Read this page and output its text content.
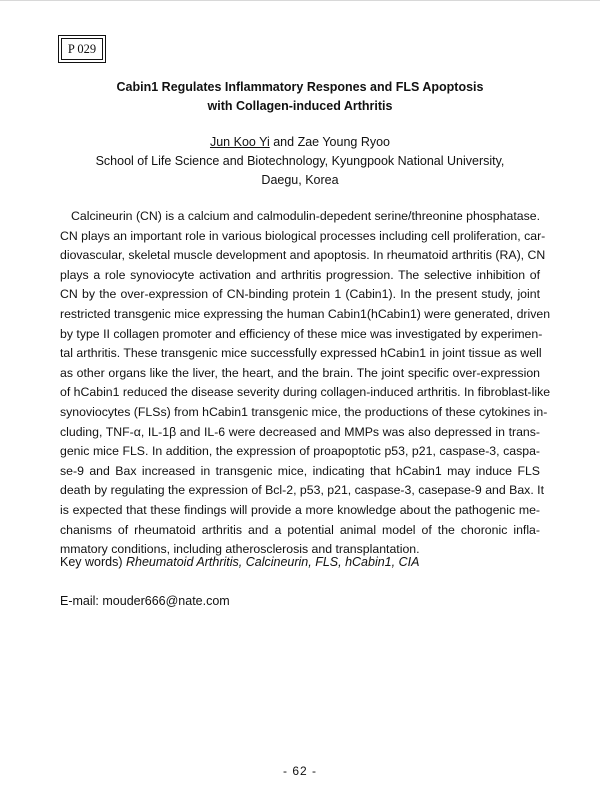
P 029
Cabin1 Regulates Inflammatory Respones and FLS Apoptosis
with Collagen-induced Arthritis
Jun Koo Yi and Zae Young Ryoo
School of Life Science and Biotechnology, Kyungpook National University,
Daegu, Korea
Calcineurin (CN) is a calcium and calmodulin-depedent serine/threonine phosphatase.
CN plays an important role in various biological processes including cell proliferation, car-
diovascular, skeletal muscle development and apoptosis. In rheumatoid arthritis (RA), CN
plays a role synoviocyte activation and arthritis progression. The selective inhibition of
CN by the over-expression of CN-binding protein 1 (Cabin1). In the present study, joint
restricted transgenic mice expressing the human Cabin1(hCabin1) were generated, driven
by type II collagen promoter and efficiency of these mice was investigated by experimen-
tal arthritis. These transgenic mice successfully expressed hCabin1 in joint tissue as well
as other organs like the liver, the heart, and the brain. The joint specific over-expression
of hCabin1 reduced the disease severity during collagen-induced arthritis. In fibroblast-like
synoviocytes (FLSs) from hCabin1 transgenic mice, the productions of these cytokines in-
cluding, TNF-α, IL-1β and IL-6 were decreased and MMPs was also depressed in trans-
genic mice FLS. In addition, the expression of proapoptotic p53, p21, caspase-3, caspa-
se-9 and Bax increased in transgenic mice, indicating that hCabin1 may induce FLS
death by regulating the expression of Bcl-2, p53, p21, caspase-3, casepase-9 and Bax. It
is expected that these findings will provide a more knowledge about the pathogenic me-
chanisms of rheumatoid arthritis and a potential animal model of the choronic infla-
mmatory conditions, including atherosclerosis and transplantation.
Key words) Rheumatoid Arthritis, Calcineurin, FLS, hCabin1, CIA
E-mail: mouder666@nate.com
- 62 -
